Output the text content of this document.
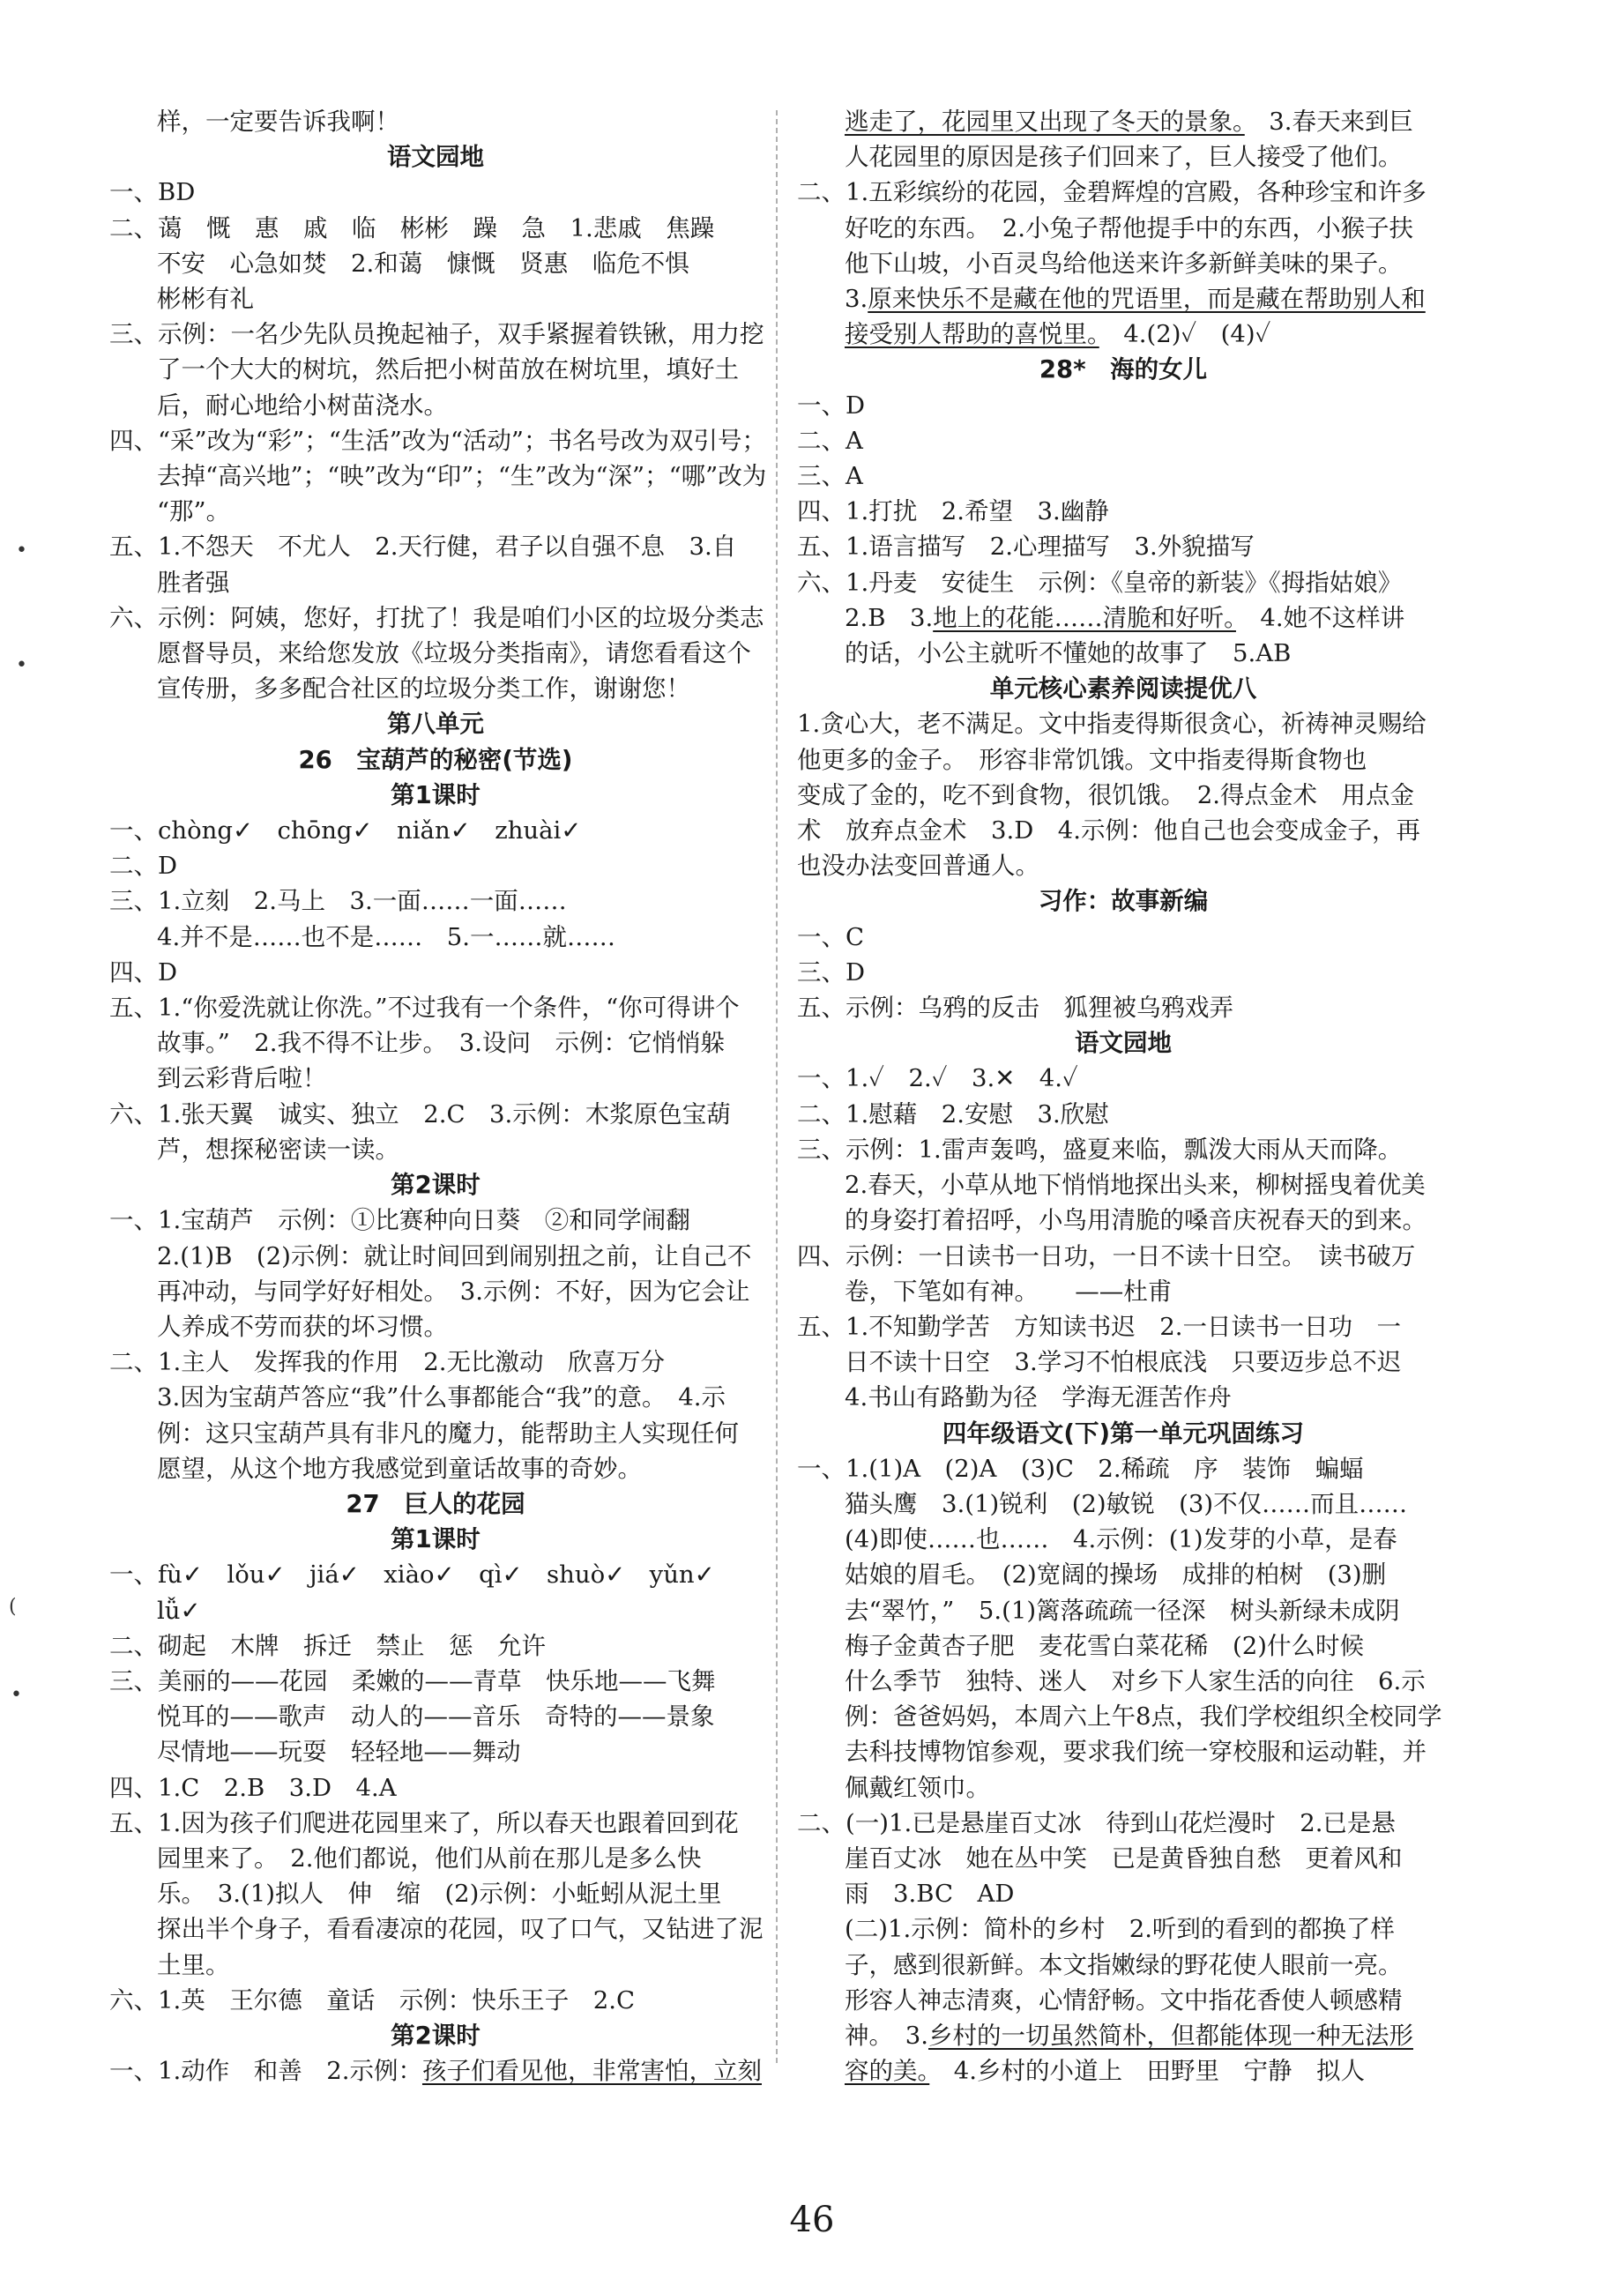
样，一定要告诉我啊！
语文园地
一、BD
二、蔼　慨　惠　戚　临　彬彬　躁　急　1.悲戚　焦躁
不安　心急如焚　2.和蔼　慷慨　贤惠　临危不惧
彬彬有礼
三、示例：一名少先队员挽起袖子，双手紧握着铁锹，用力挖
了一个大大的树坑，然后把小树苗放在树坑里，填好土
后，耐心地给小树苗浇水。
四、“采”改为“彩”；“生活”改为“活动”；书名号改为双引号；
去掉“高兴地”；“映”改为“印”；“生”改为“深”；“哪”改为
“那”。
五、1.不怨天　不尤人　2.天行健，君子以自强不息　3.自
胜者强
六、示例：阿姨，您好，打扰了！我是咱们小区的垃圾分类志
愿督导员，来给您发放《垃圾分类指南》，请您看看这个
宣传册，多多配合社区的垃圾分类工作，谢谢您！
第八单元
26　宝葫芦的秘密(节选)
第1课时
一、chòng✓　chōng✓　niǎn✓　zhuài✓
二、D
三、1.立刻　2.马上　3.一面……一面……
4.并不是……也不是……　5.一……就……
四、D
五、1.“你爱洗就让你洗。”不过我有一个条件，“你可得讲个
故事。”　2.我不得不让步。　3.设问　示例：它悄悄躲
到云彩背后啦！
六、1.张天翼　诚实、独立　2.C　3.示例：木浆原色宝葫
芦，想探秘密读一读。
第2课时
一、1.宝葫芦　示例：①比赛种向日葵　②和同学闹翻
2.(1)B　(2)示例：就让时间回到闹别扭之前，让自己不
再冲动，与同学好好相处。　3.示例：不好，因为它会让
人养成不劳而获的坏习惯。
二、1.主人　发挥我的作用　2.无比激动　欣喜万分
3.因为宝葫芦答应“我”什么事都能合“我”的意。　4.示
例：这只宝葫芦具有非凡的魔力，能帮助主人实现任何
愿望，从这个地方我感觉到童话故事的奇妙。
27　巨人的花园
第1课时
一、fù✓　lǒu✓　jiá✓　xiào✓　qì✓　shuò✓　yǔn✓
lǚ✓
二、砌起　木牌　拆迁　禁止　惩　允许
三、美丽的——花园　柔嫩的——青草　快乐地——飞舞
悦耳的——歌声　动人的——音乐　奇特的——景象
尽情地——玩耍　轻轻地——舞动
四、1.C　2.B　3.D　4.A
五、1.因为孩子们爬进花园里来了，所以春天也跟着回到花
园里来了。　2.他们都说，他们从前在那儿是多么快
乐。　3.(1)拟人　伸　缩　(2)示例：小蚯蚓从泥土里
探出半个身子，看看凄凉的花园，叹了口气，又钻进了泥
土里。
六、1.英　王尔德　童话　示例：快乐王子　2.C
第2课时
一、1.动作　和善　2.示例：孩子们看见他，非常害怕，立刻
逃走了，花园里又出现了冬天的景象。　3.春天来到巨
人花园里的原因是孩子们回来了，巨人接受了他们。
二、1.五彩缤纷的花园，金碧辉煌的宫殿，各种珍宝和许多
好吃的东西。　2.小兔子帮他提手中的东西，小猴子扶
他下山坡，小百灵鸟给他送来许多新鲜美味的果子。
3.原来快乐不是藏在他的咒语里，而是藏在帮助别人和
接受别人帮助的喜悦里。　4.(2)✓　(4)✓
28*　海的女儿
一、D
二、A
三、A
四、1.打扰　2.希望　3.幽静
五、1.语言描写　2.心理描写　3.外貌描写
六、1.丹麦　安徒生　示例：《皇帝的新装》《拇指姑娘》
2.B　3.地上的花能……清脆和好听。　4.她不这样讲
的话，小公主就听不懂她的故事了　5.AB
单元核心素养阅读提优八
1.贪心大，老不满足。文中指麦得斯很贪心，祈祷神灵赐给
他更多的金子。　形容非常饥饿。文中指麦得斯食物也
变成了金的，吃不到食物，很饥饿。　2.得点金术　用点金
术　放弃点金术　3.D　4.示例：他自己也会变成金子，再
也没办法变回普通人。
习作：故事新编
一、C
三、D
五、示例：乌鸦的反击　狐狸被乌鸦戏弄
语文园地
一、1.✓　2.✓　3.✕　4.✓
二、1.慰藉　2.安慰　3.欣慰
三、示例：1.雷声轰鸣，盛夏来临，瓢泼大雨从天而降。
2.春天，小草从地下悄悄地探出头来，柳树摇曳着优美
的身姿打着招呼，小鸟用清脆的嗓音庆祝春天的到来。
四、示例：一日读书一日功，一日不读十日空。　读书破万
卷，下笔如有神。　　——杜甫
五、1.不知勤学苦　方知读书迟　2.一日读书一日功　一
日不读十日空　3.学习不怕根底浅　只要迈步总不迟
4.书山有路勤为径　学海无涯苦作舟
四年级语文(下)第一单元巩固练习
一、1.(1)A　(2)A　(3)C　2.稀疏　序　装饰　蝙蝠
猫头鹰　3.(1)锐利　(2)敏锐　(3)不仅……而且……
(4)即使……也……　4.示例：(1)发芽的小草，是春
姑娘的眉毛。　(2)宽阔的操场　成排的柏树　(3)删
去“翠竹，”　5.(1)篱落疏疏一径深　树头新绿未成阴
梅子金黄杏子肥　麦花雪白菜花稀　(2)什么时候
什么季节　独特、迷人　对乡下人家生活的向往　6.示
例：爸爸妈妈，本周六上午8点，我们学校组织全校同学
去科技博物馆参观，要求我们统一穿校服和运动鞋，并
佩戴红领巾。
二、(一)1.已是悬崖百丈冰　待到山花烂漫时　2.已是悬
崖百丈冰　她在丛中笑　已是黄昏独自愁　更着风和
雨　3.BC　AD
(二)1.示例：简朴的乡村　2.听到的看到的都换了样
子，感到很新鲜。本文指嫩绿的野花使人眼前一亮。
形容人神志清爽，心情舒畅。文中指花香使人顿感精
神。　3.乡村的一切虽然简朴，但都能体现一种无法形
容的美。　4.乡村的小道上　田野里　宁静　拟人
•
•
(
•
46
